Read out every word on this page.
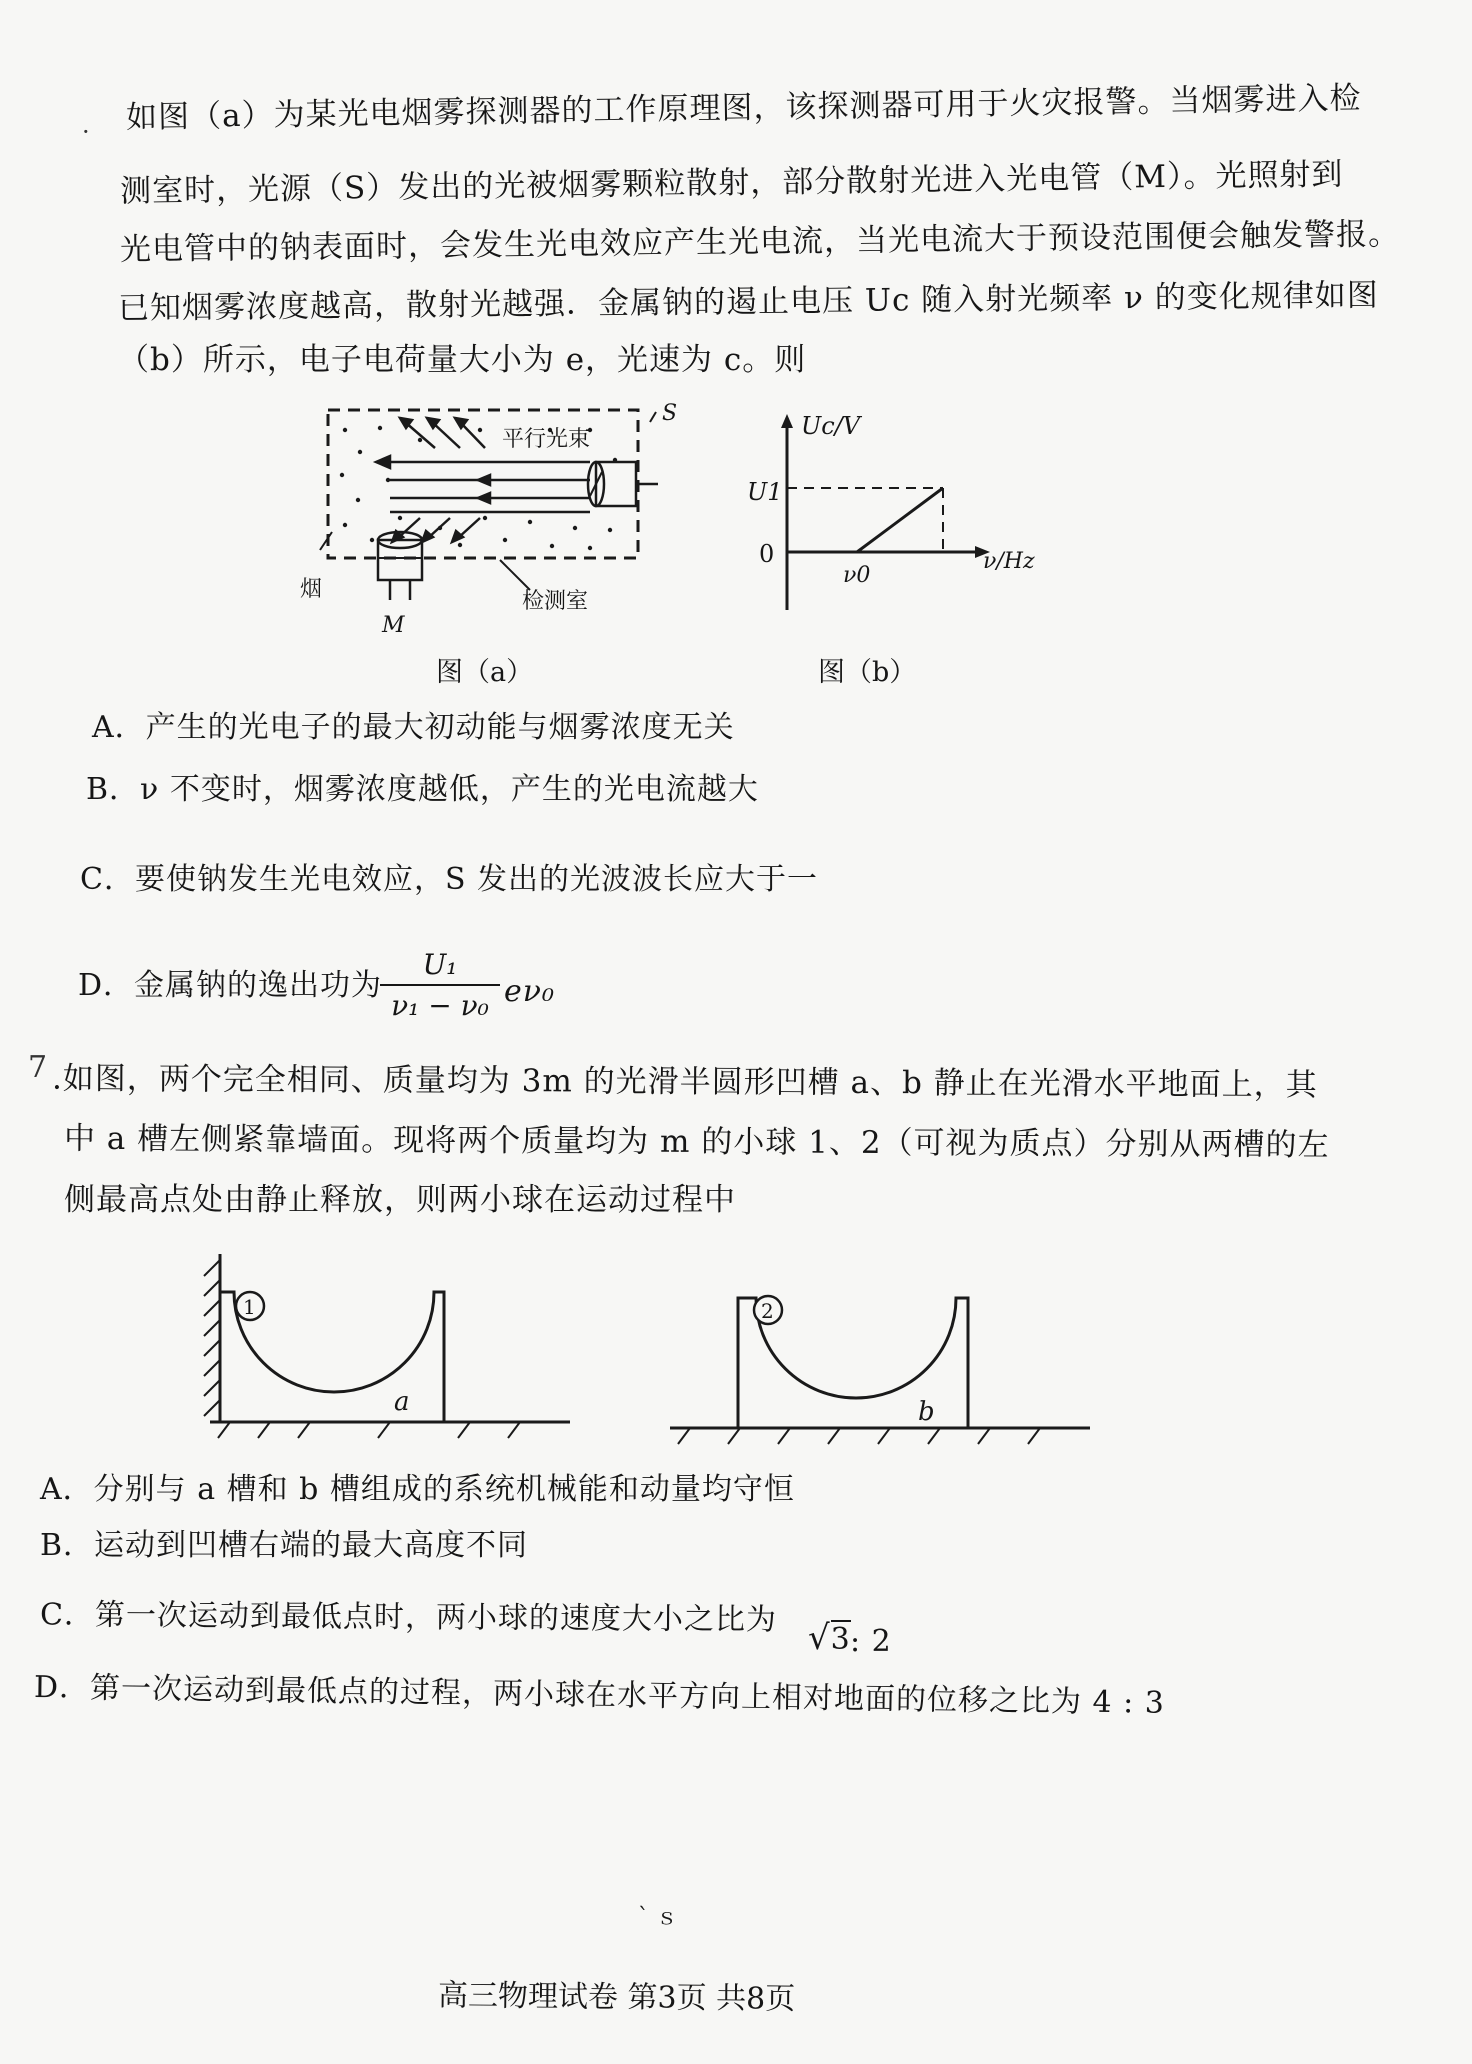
· 如图（a）为某光电烟雾探测器的工作原理图，该探测器可用于火灾报警。当烟雾进入检
测室时，光源（S）发出的光被烟雾颗粒散射，部分散射光进入光电管（M）。光照射到
光电管中的钠表面时，会发生光电效应产生光电流，当光电流大于预设范围便会触发警报。
已知烟雾浓度越高，散射光越强．金属钠的遏止电压 Uc 随入射光频率 ν 的变化规律如图
（b）所示，电子电荷量大小为 e，光速为 c。则
S
平行光束
M
烟	检测室
图（a）
Uc/V
U1
0
ν0
ν/Hz
图（b）
A．产生的光电子的最大初动能与烟雾浓度无关
B．ν 不变时，烟雾浓度越低，产生的光电流越大
C．要使钠发生光电效应，S 发出的光波波长应大于一
D．金属钠的逸出功为
$\frac{\text{U₁}}{\text{ν₁ − ν₀}} e\nu_0$
7 .如图，两个完全相同、质量均为 3m 的光滑半圆形凹槽 a、b 静止在光滑水平地面上，其
中 a 槽左侧紧靠墙面。现将两个质量均为 m 的小球 1、2（可视为质点）分别从两槽的左
侧最高点处由静止释放，则两小球在运动过程中
1
a
2
b
A．分别与 a 槽和 b 槽组成的系统机械能和动量均守恒
B．运动到凹槽右端的最大高度不同
C．第一次运动到最低点时，两小球的速度大小之比为
√3 : 2
D．第一次运动到最低点的过程，两小球在水平方向上相对地面的位移之比为 4 : 3
ˋ ｓ
高三物理试卷 第3页 共8页
